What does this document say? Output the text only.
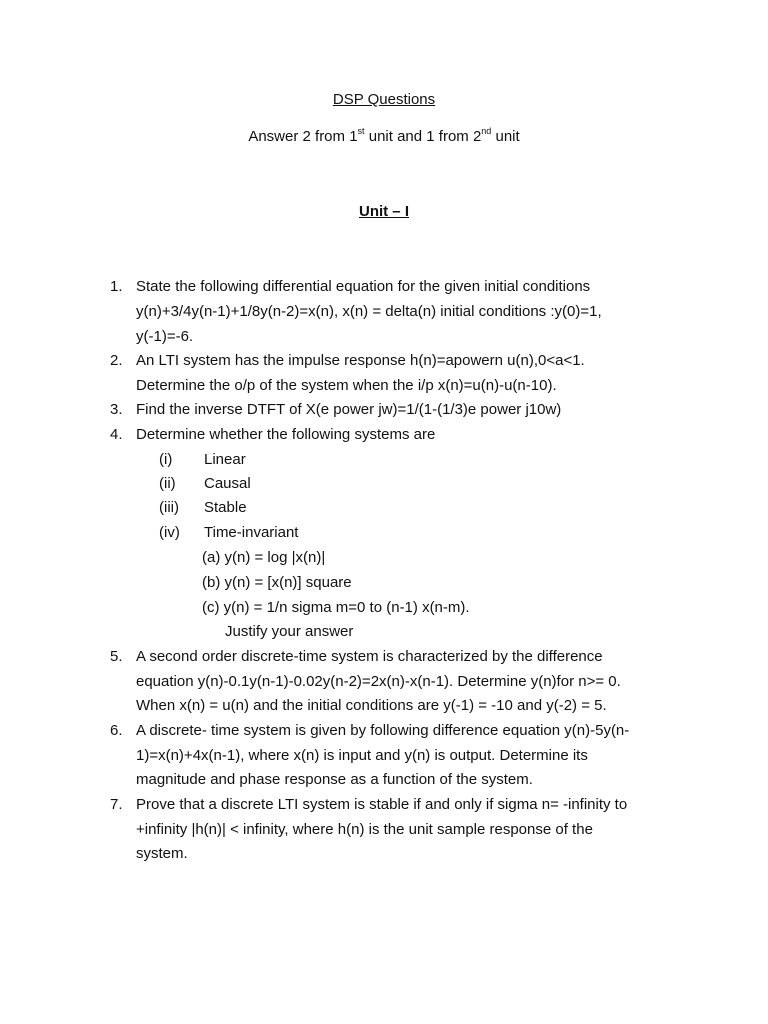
DSP Questions
Answer 2 from 1st unit and 1 from 2nd unit
Unit – I
1. State the following differential equation for the given initial conditions
y(n)+3/4y(n-1)+1/8y(n-2)=x(n), x(n) = delta(n) initial conditions :y(0)=1,
y(-1)=-6.
2. An LTI system has the impulse response h(n)=apowern u(n),0<a<1.
Determine the o/p of the system when the i/p x(n)=u(n)-u(n-10).
3. Find the inverse DTFT of X(e power jw)=1/(1-(1/3)e power j10w)
4. Determine whether the following systems are
(i) Linear
(ii) Causal
(iii) Stable
(iv) Time-invariant
(a) y(n) = log |x(n)|
(b) y(n) = [x(n)] square
(c) y(n) = 1/n sigma m=0 to (n-1) x(n-m).
Justify your answer
5. A second order discrete-time system is characterized by the difference
equation y(n)-0.1y(n-1)-0.02y(n-2)=2x(n)-x(n-1). Determine y(n)for n>= 0.
When x(n) = u(n) and the initial conditions are y(-1) = -10 and y(-2) = 5.
6. A discrete- time system is given by following difference equation y(n)-5y(n-
1)=x(n)+4x(n-1), where x(n) is input and y(n) is output. Determine its
magnitude and phase response as a function of the system.
7. Prove that a discrete LTI system is stable if and only if sigma n= -infinity to
+infinity |h(n)| < infinity, where h(n) is the unit sample response of the
system.
